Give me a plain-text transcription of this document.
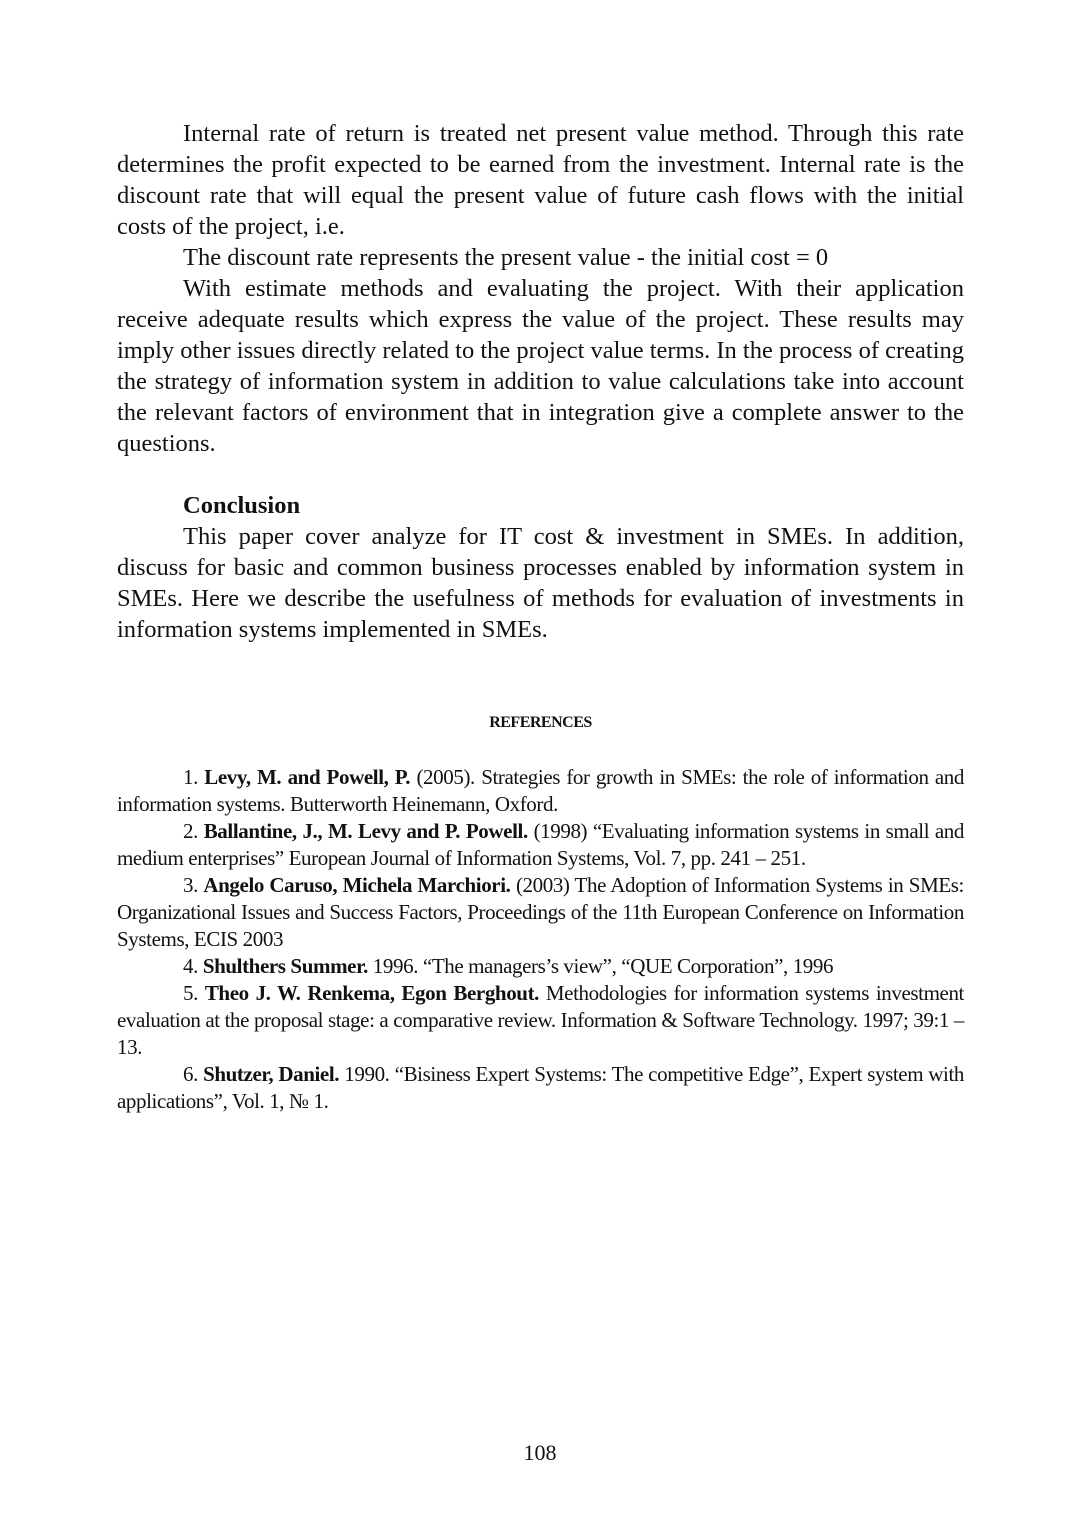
Internal rate of return is treated net present value method. Through this rate determines the profit expected to be earned from the investment. Internal rate is the discount rate that will equal the present value of future cash flows with the initial costs of the project, i.e.

The discount rate represents the present value - the initial cost = 0

With estimate methods and evaluating the project. With their application receive adequate results which express the value of the project. These results may imply other issues directly related to the project value terms. In the process of creating the strategy of information system in addition to value calculations take into account the relevant factors of environment that in integration give a complete answer to the questions.

Conclusion

This paper cover analyze for IT cost & investment in SMEs. In addition, discuss for basic and common business processes enabled by information system in SMEs. Here we describe the usefulness of methods for evaluation of investments in information systems implemented in SMEs.

REFERENCES

1. Levy, M. and Powell, P. (2005). Strategies for growth in SMEs: the role of information and information systems. Butterworth Heinemann, Oxford.

2. Ballantine, J., M. Levy and P. Powell. (1998) “Evaluating information systems in small and medium enterprises” European Journal of Information Systems, Vol. 7, pp. 241 – 251.

3. Angelo Caruso, Michela Marchiori. (2003) The Adoption of Information Systems in SMEs: Organizational Issues and Success Factors, Proceedings of the 11th European Conference on Information Systems, ECIS 2003

4. Shulthers Summer. 1996. “The managers’s view”, “QUE Corporation”, 1996

5. Theo J. W. Renkema, Egon Berghout. Methodologies for information systems investment evaluation at the proposal stage: a comparative review. Information & Software Technology. 1997; 39:1 – 13.

6. Shutzer, Daniel. 1990. “Bisiness Expert Systems: The competitive Edge”, Expert system with applications”, Vol. 1, № 1.

108
